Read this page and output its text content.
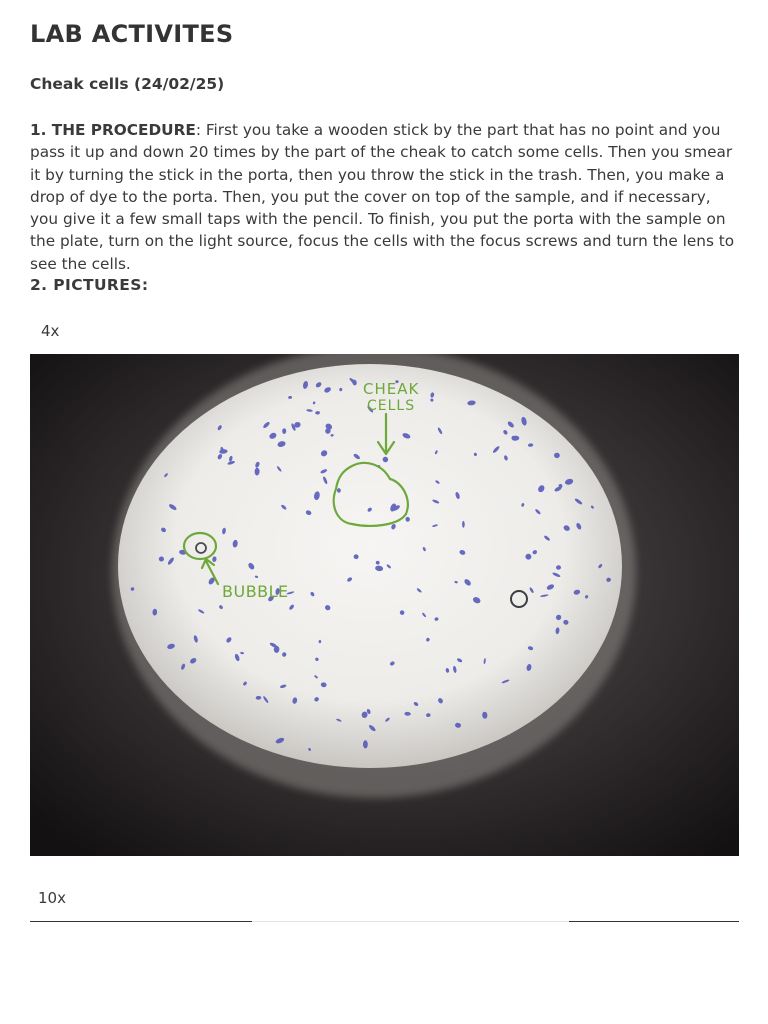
LAB ACTIVITES
Cheak cells (24/02/25)

1. THE PROCEDURE: First you take a wooden stick by the part that has no point and you pass it up and down 20 times by the part of the cheak to catch some cells. Then you smear it by turning the stick in the porta, then you throw the stick in the trash. Then, you make a drop of dye to the porta. Then, you put the cover on top of the sample, and if necessary, you give it a few small taps with the pencil. To finish, you put the porta with the sample on the plate, turn on the light source, focus the cells with the focus screws and turn the lens to see the cells.

2. PICTURES:
4x
CHEAK
CELLS
BUBBLE
10x
